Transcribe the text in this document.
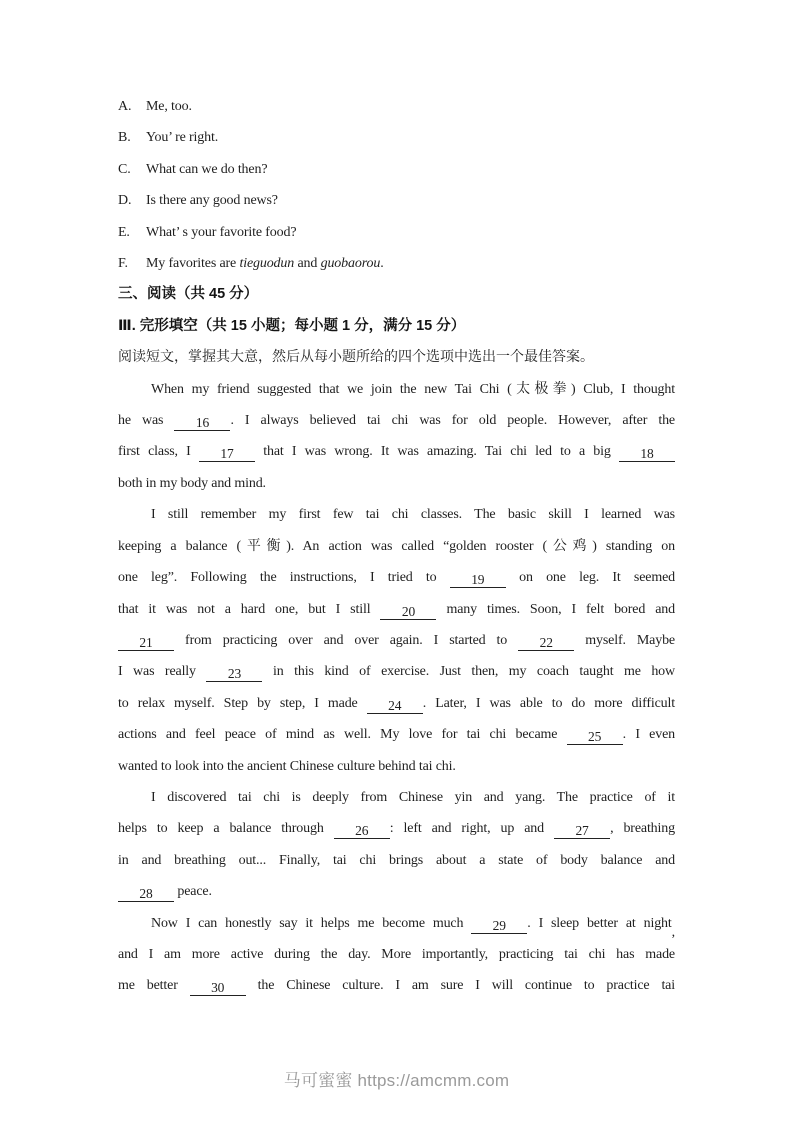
A. Me, too.
B. You’ re right.
C. What can we do then?
D. Is there any good news?
E. What’ s your favorite food?
F. My favorites are tieguodun and guobaorou.
三、阅读（共 45 分）
Ⅲ. 完形填空（共 15 小题；每小题 1 分，满分 15 分）
阅读短文，掌握其大意，然后从每小题所给的四个选项中选出一个最佳答案。
When my friend suggested that we join the new Tai Chi (太极拳) Club, I thought
he was 16 . I always believed tai chi was for old people. However, after the
first class, I 17 that I was wrong. It was amazing. Tai chi led to a big 18
both in my body and mind.
I still remember my first few tai chi classes. The basic skill I learned was
keeping a balance (平衡). An action was called “golden rooster (公鸡) standing on
one leg”. Following the instructions, I tried to 19 on one leg. It seemed
that it was not a hard one, but I still 20 many times. Soon, I felt bored and
21 from practicing over and over again. I started to 22 myself. Maybe
I was really 23 in this kind of exercise. Just then, my coach taught me how
to relax myself. Step by step, I made 24 . Later, I was able to do more difficult
actions and feel peace of mind as well. My love for tai chi became 25 . I even
wanted to look into the ancient Chinese culture behind tai chi.
I discovered tai chi is deeply from Chinese yin and yang. The practice of it
helps to keep a balance through 26 : left and right, up and 27 , breathing
in and breathing out... Finally, tai chi brings about a state of body balance and
28 peace.
Now I can honestly say it helps me become much 29 . I sleep better at night,
and I am more active during the day. More importantly, practicing tai chi has made
me better 30 the Chinese culture. I am sure I will continue to practice tai
马可蜜蜜 https://amcmm.com
